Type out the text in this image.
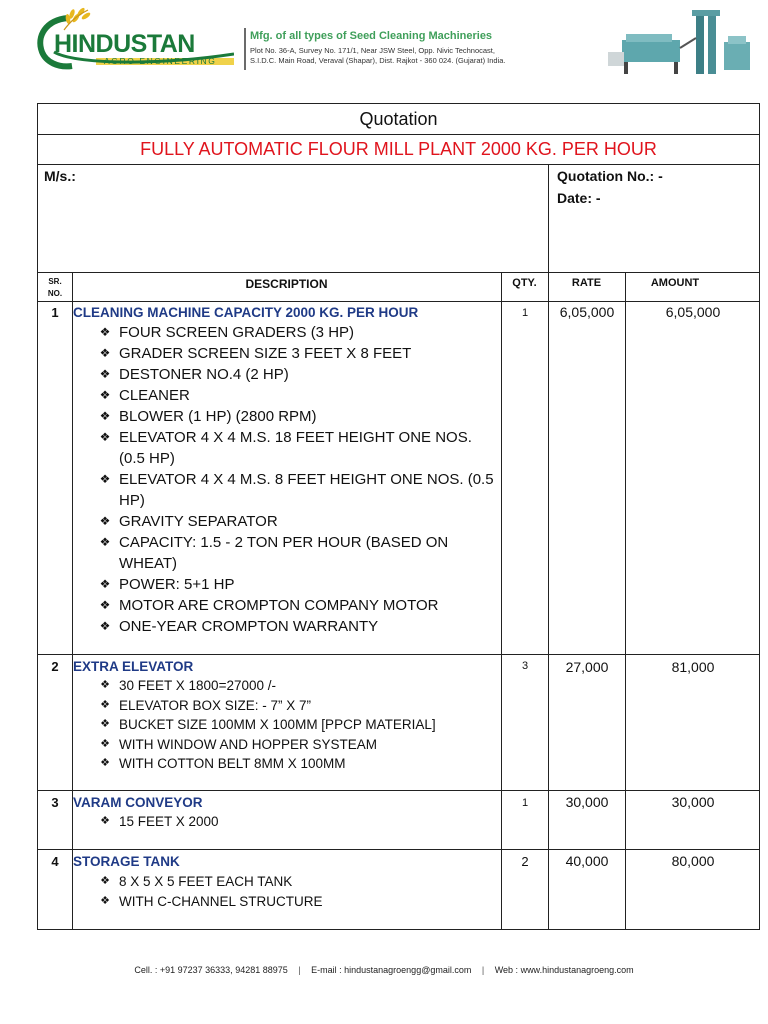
HINDUSTAN
AGRO ENGINEERING
Mfg. of all types of Seed Cleaning Machineries
Plot No. 36-A, Survey No. 171/1, Near JSW Steel, Opp. Nivic Technocast,
S.I.D.C. Main Road, Veraval (Shapar), Dist. Rajkot - 360 024. (Gujarat) India.
Quotation
FULLY AUTOMATIC FLOUR MILL PLANT 2000 KG. PER HOUR
M/s.:	Quotation No.: -
Date: -
SR.
NO.
DESCRIPTION	QTY.	RATE	AMOUNT
1	CLEANING MACHINE CAPACITY 2000 KG. PER HOUR	1	6,05,000	6,05,000
❖ FOUR SCREEN GRADERS (3 HP)
❖ GRADER SCREEN SIZE 3 FEET X 8 FEET
❖ DESTONER NO.4 (2 HP)
❖ CLEANER
❖ BLOWER (1 HP) (2800 RPM)
❖ ELEVATOR 4 X 4 M.S. 18 FEET HEIGHT ONE NOS. (0.5 HP)
❖ ELEVATOR 4 X 4 M.S. 8 FEET HEIGHT ONE NOS. (0.5 HP)
❖ GRAVITY SEPARATOR
❖ CAPACITY: 1.5 - 2 TON PER HOUR (BASED ON WHEAT)
❖ POWER: 5+1 HP
❖ MOTOR ARE CROMPTON COMPANY MOTOR
❖ ONE-YEAR CROMPTON WARRANTY
2	EXTRA ELEVATOR	3	27,000	81,000
❖ 30 FEET X 1800=27000 /-
❖ ELEVATOR BOX SIZE: - 7” X 7”
❖ BUCKET SIZE 100MM X 100MM [PPCP MATERIAL]
❖ WITH WINDOW AND HOPPER SYSTEAM
❖ WITH COTTON BELT 8MM X 100MM
3	VARAM CONVEYOR	1	30,000	30,000
❖ 15 FEET X 2000
4	STORAGE TANK	2	40,000	80,000
❖ 8 X 5 X 5 FEET EACH TANK
❖ WITH C-CHANNEL STRUCTURE
Cell. : +91 97237 36333, 94281 88975 | E-mail : hindustanagroengg@gmail.com | Web : www.hindustanagroeng.com
